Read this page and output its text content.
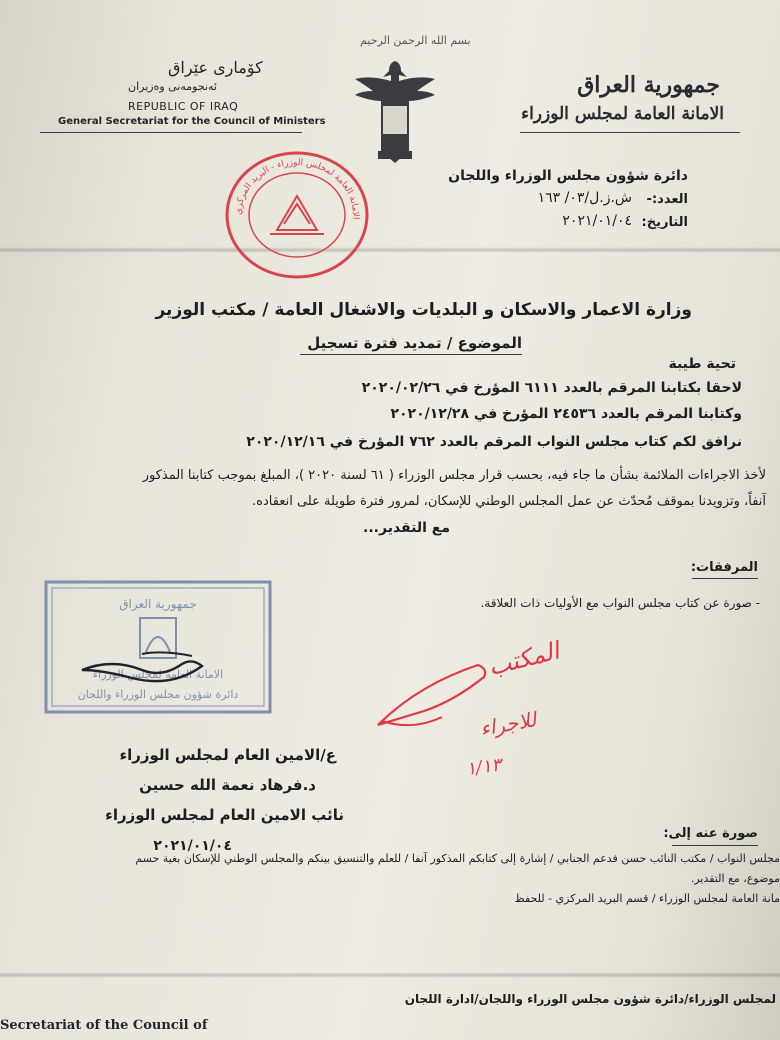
بسم الله الرحمن الرحيم
جمهورية العراق
الامانة العامة لمجلس الوزراء
كۆمارى عێراق
ئەنجومەنی وەزیران
REPUBLIC OF IRAQ
General Secretariat for the Council of Ministers
دائرة شؤون مجلس الوزراء واللجان
العدد:-
ش.ز.ل/٠٣/ ١٦٣
التاريخ:
٢٠٢١/٠١/٠٤
الامانة العامة لمجلس الوزراء - البريد المركزي
وزارة الاعمار والاسكان و البلديات والاشغال العامة / مكتب الوزير
الموضوع / تمديد فترة تسجيل
تحية طيبة
لاحقا بكتابنا المرقم بالعدد ٦١١١ المؤرخ في ٢٠٢٠/٠٢/٢٦
وكتابنا المرقم بالعدد ٢٤٥٣٦ المؤرخ في ٢٠٢٠/١٢/٢٨
نرافق لكم كتاب مجلس النواب المرقم بالعدد ٧٦٢ المؤرخ في ٢٠٢٠/١٢/١٦
لأخذ الاجراءات الملائمة بشأن ما جاء فيه، بحسب قرار مجلس الوزراء ( ٦١ لسنة ٢٠٢٠ )، المبلغ بموجب كتابنا المذكور
آنفاً، وتزويدنا بموقف مُحدّث عن عمل المجلس الوطني للإسكان، لمرور فترة طويلة على انعقاده.
مع التقدير...
المرفقات:
- صورة عن كتاب مجلس النواب مع الأوليات ذات العلاقة.
جمهورية العراق
الامانة العامة لمجلس الوزراء
دائرة شؤون مجلس الوزراء واللجان
المكتب
للاجراء
١/١٣
ع/الامين العام لمجلس الوزراء
د.فرهاد نعمة الله حسين
نائب الامين العام لمجلس الوزراء
٢٠٢١/٠١/٠٤
صورة عنه إلى:
مجلس النواب / مكتب النائب حسن فدعم الجنابي / إشارة إلى كتابكم المذكور آنفا / للعلم والتنسيق بينكم والمجلس الوطني للإسكان بغية حسم
موضوع، مع التقدير.
مانة العامة لمجلس الوزراء / قسم البريد المركزي - للحفظ
لمجلس الوزراء/دائرة شؤون مجلس الوزراء واللجان/ادارة اللجان
Secretariat of the Council of
